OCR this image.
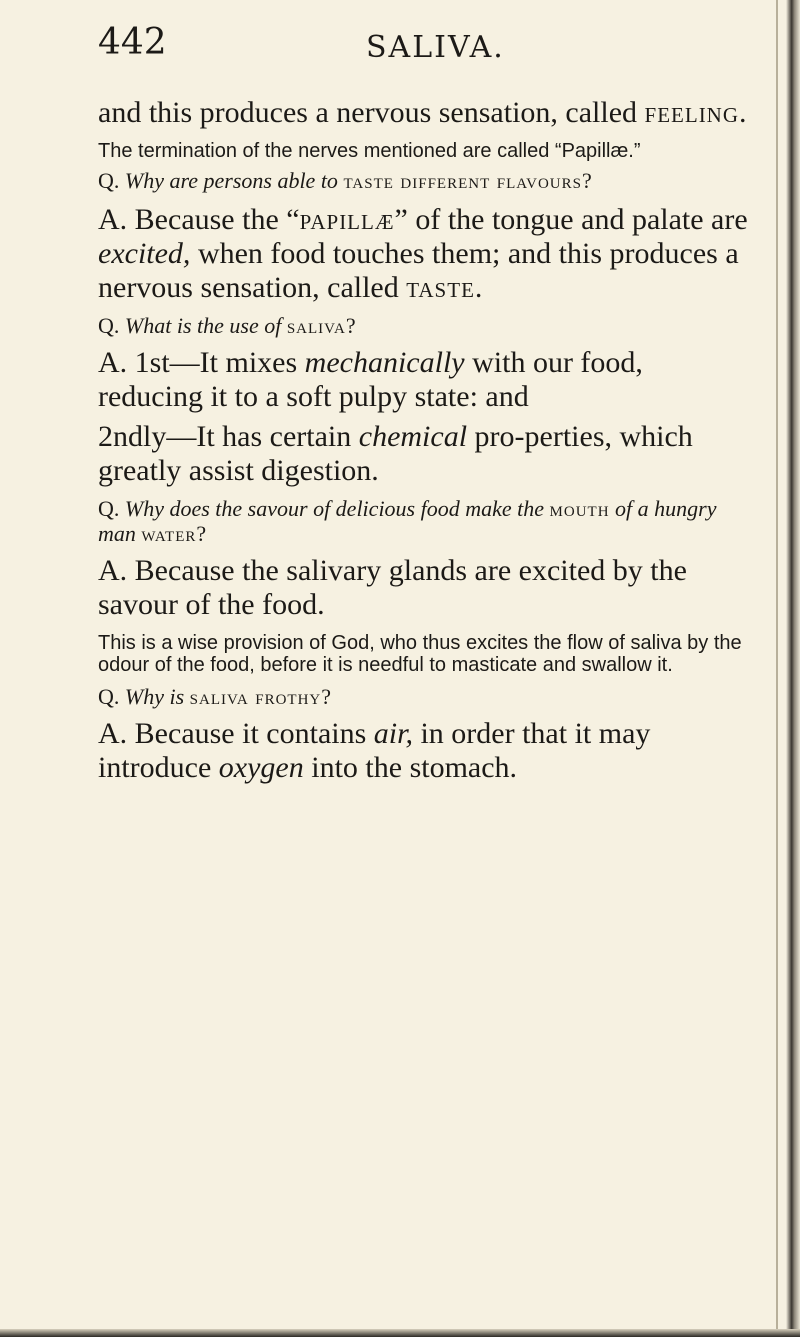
442	SALIVA.

and this produces a nervous sensation, called feeling.

The termination of the nerves mentioned are called “Papillæ.”

Q. Why are persons able to taste different flavours?

A. Because the “papillæ” of the tongue and palate are excited, when food touches them; and this produces a nervous sensation, called taste.

Q. What is the use of saliva?

A. 1st—It mixes mechanically with our food, reducing it to a soft pulpy state: and

2ndly—It has certain chemical pro-perties, which greatly assist digestion.

Q. Why does the savour of delicious food make the mouth of a hungry man water?

A. Because the salivary glands are excited by the savour of the food.

This is a wise provision of God, who thus excites the flow of saliva by the odour of the food, before it is needful to masticate and swallow it.

Q. Why is saliva frothy?

A. Because it contains air, in order that it may introduce oxygen into the stomach.
